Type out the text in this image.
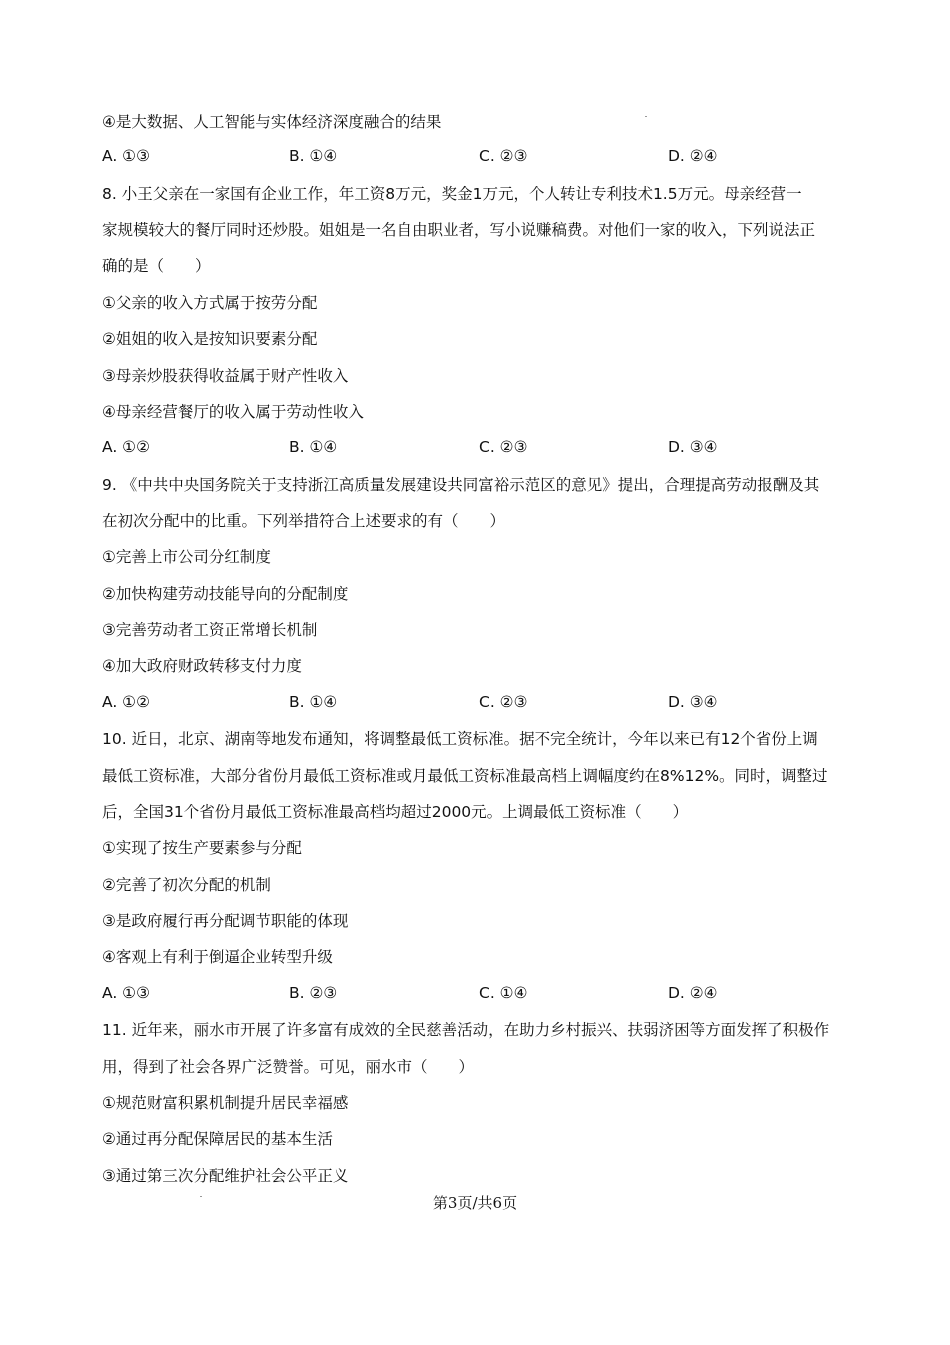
④是大数据、人工智能与实体经济深度融合的结果
A. ①③	B. ①④	C. ②③	D. ②④
8. 小王父亲在一家国有企业工作，年工资8万元，奖金1万元，个人转让专利技术1.5万元。母亲经营一
家规模较大的餐厅同时还炒股。姐姐是一名自由职业者，写小说赚稿费。对他们一家的收入，下列说法正
确的是（　　）
①父亲的收入方式属于按劳分配
②姐姐的收入是按知识要素分配
③母亲炒股获得收益属于财产性收入
④母亲经营餐厅的收入属于劳动性收入
A. ①②	B. ①④	C. ②③	D. ③④
9. 《中共中央国务院关于支持浙江高质量发展建设共同富裕示范区的意见》提出，合理提高劳动报酬及其
在初次分配中的比重。下列举措符合上述要求的有（　　）
①完善上市公司分红制度
②加快构建劳动技能导向的分配制度
③完善劳动者工资正常增长机制
④加大政府财政转移支付力度
A. ①②	B. ①④	C. ②③	D. ③④
10. 近日，北京、湖南等地发布通知，将调整最低工资标准。据不完全统计，今年以来已有12个省份上调
最低工资标准，大部分省份月最低工资标准或月最低工资标准最高档上调幅度约在8%12%。同时，调整过
后，全国31个省份月最低工资标准最高档均超过2000元。上调最低工资标准（　　）
①实现了按生产要素参与分配
②完善了初次分配的机制
③是政府履行再分配调节职能的体现
④客观上有利于倒逼企业转型升级
A. ①③	B. ②③	C. ①④	D. ②④
11. 近年来，丽水市开展了许多富有成效的全民慈善活动，在助力乡村振兴、扶弱济困等方面发挥了积极作
用，得到了社会各界广泛赞誉。可见，丽水市（　　）
①规范财富积累机制提升居民幸福感
②通过再分配保障居民的基本生活
③通过第三次分配维护社会公平正义
第3页/共6页
